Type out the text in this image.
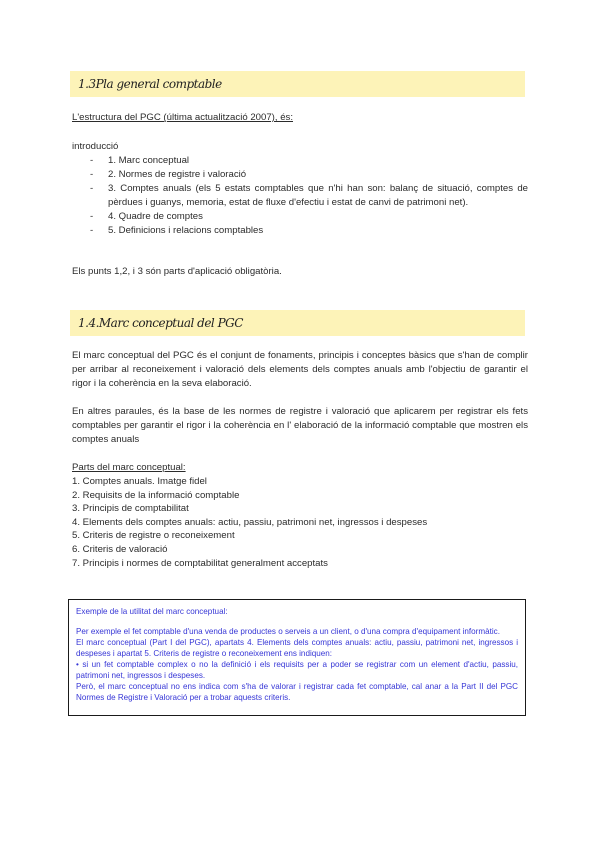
1.3Pla general comptable

L'estructura del PGC (última actualització 2007), és:

introducció

- 1. Marc conceptual
- 2. Normes de registre i valoració
- 3. Comptes anuals (els 5 estats comptables que n'hi han son: balanç de situació, comptes de pèrdues i guanys, memoria, estat de fluxe d'efectiu i estat de canvi de patrimoni net).
- 4. Quadre de comptes
- 5. Definicions i relacions comptables

Els punts 1,2, i 3 són parts d'aplicació obligatòria.

1.4.Marc conceptual del PGC

El marc conceptual del PGC és el conjunt de fonaments, principis i conceptes bàsics que s'han de complir per arribar al reconeixement i valoració dels elements dels comptes anuals amb l'objectiu de garantir el rigor i la coherència en la seva elaboració.

En altres paraules, és la base de les normes de registre i valoració que aplicarem per registrar els fets comptables per garantir el rigor i la coherència en l' elaboració de la informació comptable que mostren els comptes anuals

Parts del marc conceptual:

1. Comptes anuals. Imatge fidel
2. Requisits de la informació comptable
3. Principis de comptabilitat
4. Elements dels comptes anuals: actiu, passiu, patrimoni net, ingressos i despeses
5. Criteris de registre o reconeixement
6. Criteris de valoració
7. Principis i normes de comptabilitat generalment acceptats

Exemple de la utilitat del marc conceptual:

Per exemple el fet comptable d'una venda de productes o serveis a un client, o d'una compra d'equipament informàtic.

El marc conceptual (Part I del PGC), apartats 4. Elements dels comptes anuals: actiu, passiu, patrimoni net, ingressos i despeses i apartat 5. Criteris de registre o reconeixement ens indiquen:

• si un fet comptable complex o no la definició i els requisits per a poder se registrar com un element d'actiu, passiu, patrimoni net, ingressos i despeses.

Però, el marc conceptual no ens indica com s'ha de valorar i registrar cada fet comptable, cal anar a la Part II del PGC Normes de Registre i Valoració per a trobar aquests criteris.
